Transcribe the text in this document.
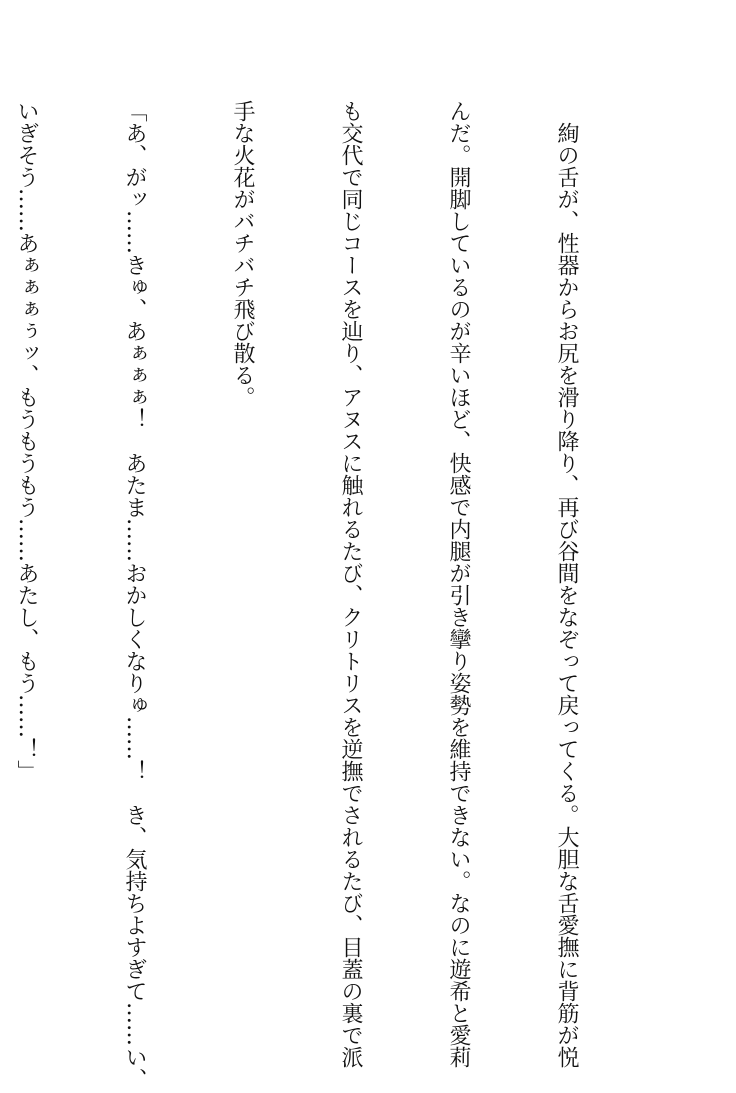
　絢の舌が、性器からお尻を滑り降り、再び谷間をなぞって戻ってくる。大胆な舌愛撫に背筋が悦

んだ。開脚しているのが辛いほど、快感で内腿が引き攣り姿勢を維持できない。なのに遊希と愛莉

も交代で同じコースを辿り、アヌスに触れるたび、クリトリスを逆撫でされるたび、目蓋の裏で派

手な火花がバチバチ飛び散る。

「あ、がッ……きゅ、あぁぁぁ！　あたま……おかしくなりゅ……！　き、気持ちよすぎて……い、

いぎそう……あぁぁぁぅッ、もうもうもう……あたし、もう……！」
